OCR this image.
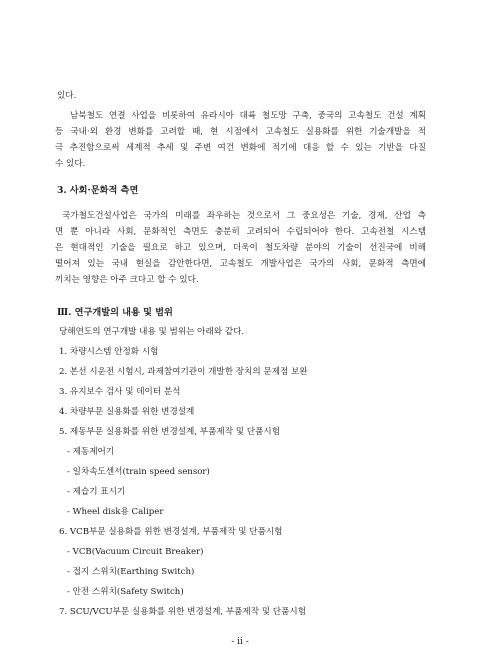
있다.
남북철도 연결 사업을 비롯하여 유라시아 대륙 철도망 구축, 중국의 고속철도 건설 계획
등 국내·외 환경 변화를 고려할 때, 현 시점에서 고속철도 실용화를 위한 기술개발을 적
극 추진함으로써 세계적 추세 및 주변 여건 변화에 적기에 대응 할 수 있는 기반을 다질
수 있다.
3. 사회·문화적 측면
국가철도건설사업은 국가의 미래를 좌우하는 것으로서 그 중요성은 기술, 경제, 산업 측
면 뿐 아니라 사회, 문화적인 측면도 충분히 고려되어 수립되어야 한다. 고속전철 시스템
은 현대적인 기술을 필요로 하고 있으며, 더욱이 철도차량 분야의 기술이 선진국에 비해
떨어져 있는 국내 현실을 감안한다면, 고속철도 개발사업은 국가의 사회, 문화적 측면에
끼치는 영향은 아주 크다고 할 수 있다.
Ⅲ. 연구개발의 내용 및 범위
당해연도의 연구개발 내용 및 범위는 아래와 같다.
1. 차량시스템 안정화 시험
2. 본선 시운전 시험시, 과제참여기관이 개발한 장치의 문제점 보완
3. 유지보수 검사 및 데이터 분석
4. 차량부문 실용화를 위한 변경설계
5. 제동부문 실용화를 위한 변경설계, 부품제작 및 단품시험
- 제동제어기
- 일차속도센서(train speed sensor)
- 제습기 표시기
- Wheel disk용 Caliper
6. VCB부문 실용화를 위한 변경설계, 부품제작 및 단품시험
- VCB(Vacuum Circuit Breaker)
- 접지 스위치(Earthing Switch)
- 안전 스위치(Safety Switch)
7. SCU/VCU부문 실용화를 위한 변경설계, 부품제작 및 단품시험
- ii -
